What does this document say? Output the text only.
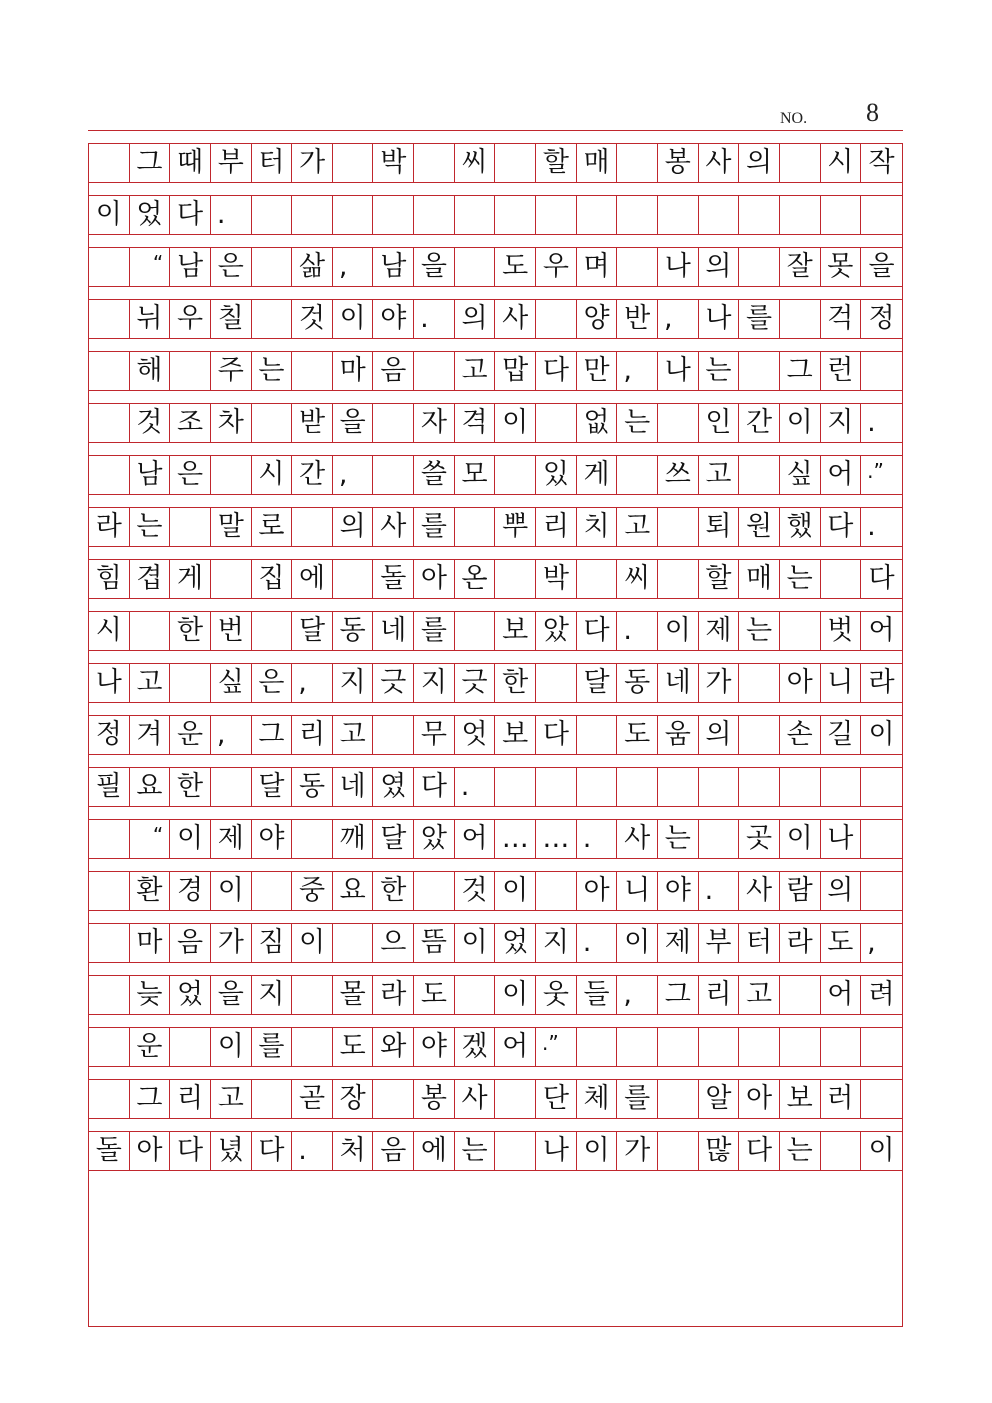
NO. 8
그 때 부 터 가 박 씨 할 매 봉 사 의 시 작
이 었 다 .
“ 남 은 삶 ,	남 을 도 우 며 나 의 잘 못 을
뉘 우 칠 것 이 야 .	의 사 양 반 ,	나 를 걱 정
해 주 는 마 음 고 맙 다 만 ,	나 는 그 런
것 조 차 받 을 자 격 이 없 는 인 간 이 지 .
남 은 시 간 ,	쓸 모 있 게 쓰 고 싶 어 .”
라 는 말 로 의 사 를 뿌 리 치 고 퇴 원 했 다 .
힘 겹 게 집 에 돌 아 온 박 씨 할 매 는 다
시 한 번 달 동 네 를 보 았 다 .	이 제 는 벗 어
나 고 싶 은 ,	지 긋 지 긋 한 달 동 네 가 아 니 라
정 겨 운 ,	그 리 고 무 엇 보 다 도 움 의 손 길 이
필 요 한 달 동 네 였 다 .
“ 이 제 야 깨 달 았 어 … … .	사 는 곳 이 나
환 경 이 중 요 한 것 이 아 니 야 .	사 람 의
마 음 가 짐 이 으 뜸 이 었 지 .	이 제 부 터 라 도 ,
늦 었 을 지 몰 라 도 이 웃 들 ,	그 리 고 어 려
운 이 를 도 와 야 겠 어 .”
그 리 고 곧 장 봉 사 단 체 를 알 아 보 러
돌 아 다 녔 다 .	처 음 에 는 나 이 가 많 다 는 이
